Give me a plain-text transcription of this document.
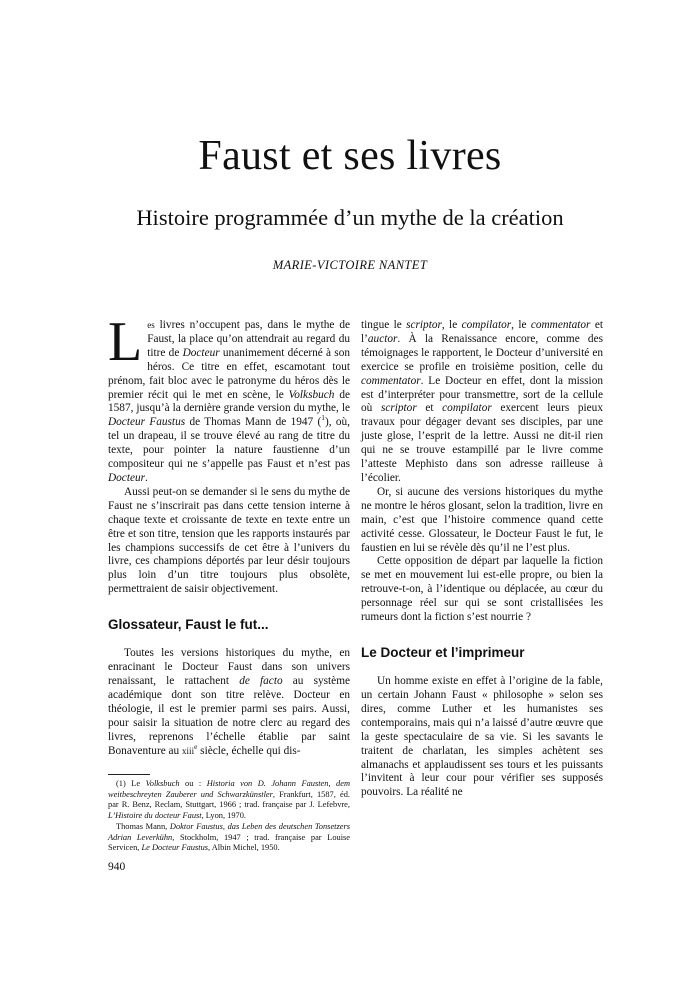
Faust et ses livres
Histoire programmée d’un mythe de la création

MARIE-VICTOIRE NANTET

Les livres n’occupent pas, dans le mythe de Faust, la place qu’on attendrait au regard du titre de Docteur unanimement décerné à son héros. Ce titre en effet, escamotant tout prénom, fait bloc avec le patronyme du héros dès le premier récit qui le met en scène, le Volksbuch de 1587, jusqu’à la dernière grande version du mythe, le Docteur Faustus de Thomas Mann de 1947 ($^1$), où, tel un drapeau, il se trouve élevé au rang de titre du texte, pour pointer la nature faustienne d’un compositeur qui ne s’appelle pas Faust et n’est pas Docteur.

Aussi peut-on se demander si le sens du mythe de Faust ne s’inscrirait pas dans cette tension interne à chaque texte et croissante de texte en texte entre un être et son titre, tension que les rapports instaurés par les champions successifs de cet être à l’univers du livre, ces champions déportés par leur désir toujours plus loin d’un titre toujours plus obsolète, permettraient de saisir objectivement.

Glossateur, Faust le fut...

Toutes les versions historiques du mythe, en enracinant le Docteur Faust dans son univers renaissant, le rattachent de facto au système académique dont son titre relève. Docteur en théologie, il est le premier parmi ses pairs. Aussi, pour saisir la situation de notre clerc au regard des livres, reprenons l’échelle établie par saint Bonaventure au xiii$^e$ siècle, échelle qui dis-

tingue le scriptor, le compilator, le commentator et l’auctor. À la Renaissance encore, comme des témoignages le rapportent, le Docteur d’université en exercice se profile en troisième position, celle du commentator. Le Docteur en effet, dont la mission est d’interpréter pour transmettre, sort de la cellule où scriptor et compilator exercent leurs pieux travaux pour dégager devant ses disciples, par une juste glose, l’esprit de la lettre. Aussi ne dit-il rien qui ne se trouve estampillé par le livre comme l’atteste Mephisto dans son adresse railleuse à l’écolier.

Or, si aucune des versions historiques du mythe ne montre le héros glosant, selon la tradition, livre en main, c’est que l’histoire commence quand cette activité cesse. Glossateur, le Docteur Faust le fut, le faustien en lui se révèle dès qu’il ne l’est plus.

Cette opposition de départ par laquelle la fiction se met en mouvement lui est-elle propre, ou bien la retrouve-t-on, à l’identique ou déplacée, au cœur du personnage réel sur qui se sont cristallisées les rumeurs dont la fiction s’est nourrie ?

Le Docteur et l’imprimeur

Un homme existe en effet à l’origine de la fable, un certain Johann Faust « philosophe » selon ses dires, comme Luther et les humanistes ses contemporains, mais qui n’a laissé d’autre œuvre que la geste spectaculaire de sa vie. Si les savants le traitent de charlatan, les simples achètent ses almanachs et applaudissent ses tours et les puissants l’invitent à leur cour pour vérifier ses supposés pouvoirs. La réalité ne

(1) Le Volksbuch ou : Historia von D. Johann Fausten, dem weitbeschreyten Zauberer und Schwarzkünstler, Frankfurt, 1587, éd. par R. Benz, Reclam, Stuttgart, 1966 ; trad. française par J. Lefebvre, L’Histoire du docteur Faust, Lyon, 1970.

Thomas Mann, Doktor Faustus, das Leben des deutschen Tonsetzers Adrian Leverkühn, Stockholm, 1947 ; trad. française par Louise Servicen, Le Docteur Faustus, Albin Michel, 1950.

940
